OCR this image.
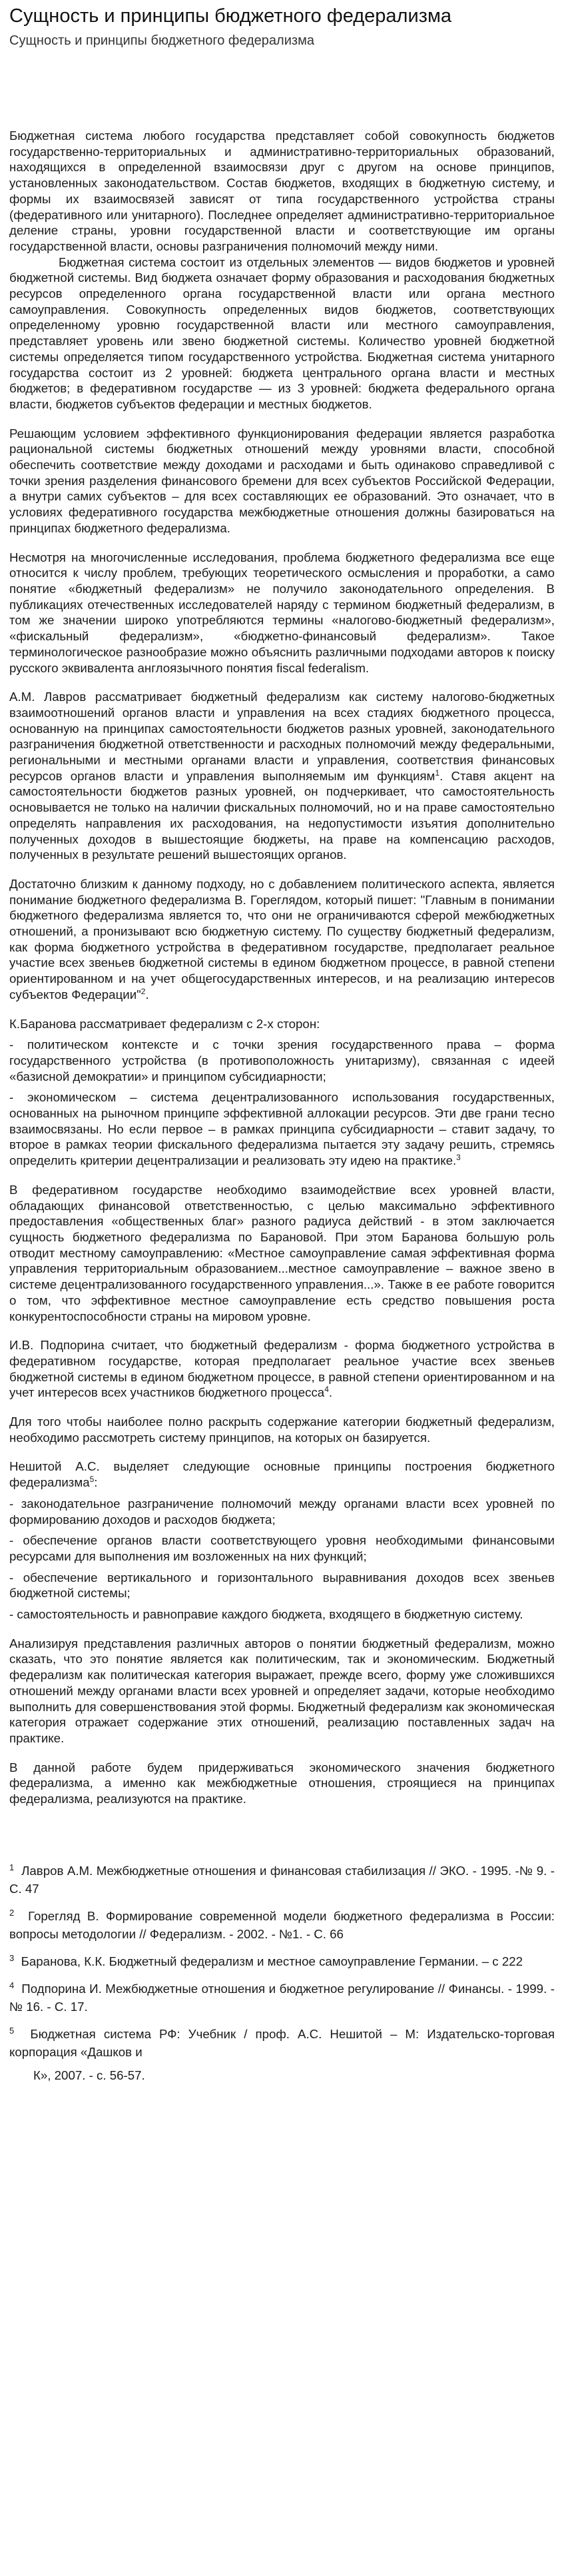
Сущность и принципы бюджетного федерализма
Сущность и принципы бюджетного федерализма

Бюджетная система любого государства представляет собой совокупность бюджетов государственно-территориальных и административно-территориальных образований, находящихся в определенной взаимосвязи друг с другом на основе принципов, установленных законодательством. Состав бюджетов, входящих в бюджетную систему, и формы их взаимосвязей зависят от типа государственного устройства страны (федеративного или унитарного). Последнее определяет административно-территориальное деление страны, уровни государственной власти и соответствующие им органы государственной власти, основы разграничения полномочий между ними.

Бюджетная система состоит из отдельных элементов — видов бюджетов и уровней бюджетной системы. Вид бюджета означает форму образования и расходования бюджетных ресурсов определенного органа государственной власти или органа местного самоуправления. Совокупность определенных видов бюджетов, соответствующих определенному уровню государственной власти или местного самоуправления, представляет уровень или звено бюджетной системы. Количество уровней бюджетной системы определяется типом государственного устройства. Бюджетная система унитарного государства состоит из 2 уровней: бюджета центрального органа власти и местных бюджетов; в федеративном государстве — из 3 уровней: бюджета федерального органа власти, бюджетов субъектов федерации и местных бюджетов.

Решающим условием эффективного функционирования федерации является разработка рациональной системы бюджетных отношений между уровнями власти, способной обеспечить соответствие между доходами и расходами и быть одинаково справедливой с точки зрения разделения финансового бремени для всех субъектов Российской Федерации, а внутри самих субъектов – для всех составляющих ее образований. Это означает, что в условиях федеративного государства межбюджетные отношения должны базироваться на принципах бюджетного федерализма.

Несмотря на многочисленные исследования, проблема бюджетного федерализма все еще относится к числу проблем, требующих теоретического осмысления и проработки, а само понятие «бюджетный федерализм» не получило законодательного определения. В публикациях отечественных исследователей наряду с термином бюджетный федерализм, в том же значении широко употребляются термины «налогово-бюджетный федерализм», «фискальный федерализм», «бюджетно-финансовый федерализм». Такое терминологическое разнообразие можно объяснить различными подходами авторов к поиску русского эквивалента англоязычного понятия fiscal federalism.

А.М. Лавров рассматривает бюджетный федерализм как систему налогово-бюджетных взаимоотношений органов власти и управления на всех стадиях бюджетного процесса, основанную на принципах самостоятельности бюджетов разных уровней, законодательного разграничения бюджетной ответственности и расходных полномочий между федеральными, региональными и местными органами власти и управления, соответствия финансовых ресурсов органов власти и управления выполняемым им функциям$^1$. Ставя акцент на самостоятельности бюджетов разных уровней, он подчеркивает, что самостоятельность основывается не только на наличии фискальных полномочий, но и на праве самостоятельно определять направления их расходования, на недопустимости изъятия дополнительно полученных доходов в вышестоящие бюджеты, на праве на компенсацию расходов, полученных в результате решений вышестоящих органов.

Достаточно близким к данному подходу, но с добавлением политического аспекта, является понимание бюджетного федерализма В. Гореглядом, который пишет: "Главным в понимании бюджетного федерализма является то, что они не ограничиваются сферой межбюджетных отношений, а пронизывают всю бюджетную систему. По существу бюджетный федерализм, как форма бюджетного устройства в федеративном государстве, предполагает реальное участие всех звеньев бюджетной системы в едином бюджетном процессе, в равной степени ориентированном и на учет общегосударственных интересов, и на реализацию интересов субъектов Федерации"$^2$.

К.Баранова рассматривает федерализм с 2-х сторон:

- политическом контексте и с точки зрения государственного права – форма государственного устройства (в противоположность унитаризму), связанная с идеей «базисной демократии» и принципом субсидиарности;

- экономическом – система децентрализованного использования государственных, основанных на рыночном принципе эффективной аллокации ресурсов. Эти две грани тесно взаимосвязаны. Но если первое – в рамках принципа субсидиарности – ставит задачу, то второе в рамках теории фискального федерализма пытается эту задачу решить, стремясь определить критерии децентрализации и реализовать эту идею на практике.$^3$

В федеративном государстве необходимо взаимодействие всех уровней власти, обладающих финансовой ответственностью, с целью максимально эффективного предоставления «общественных благ» разного радиуса действий - в этом заключается сущность бюджетного федерализма по Барановой. При этом Баранова большую роль отводит местному самоуправлению: «Местное самоуправление самая эффективная форма управления территориальным образованием...местное самоуправление – важное звено в системе децентрализованного государственного управления...». Также в ее работе говорится о том, что эффективное местное самоуправление есть средство повышения роста конкурентоспособности страны на мировом уровне.

И.В. Подпорина считает, что бюджетный федерализм - форма бюджетного устройства в федеративном государстве, которая предполагает реальное участие всех звеньев бюджетной системы в едином бюджетном процессе, в равной степени ориентированном и на учет интересов всех участников бюджетного процесса$^4$.

Для того чтобы наиболее полно раскрыть содержание категории бюджетный федерализм, необходимо рассмотреть систему принципов, на которых он базируется.

Нешитой А.С. выделяет следующие основные принципы построения бюджетного федерализма$^5$:

- законодательное разграничение полномочий между органами власти всех уровней по формированию доходов и расходов бюджета;

- обеспечение органов власти соответствующего уровня необходимыми финансовыми ресурсами для выполнения им возложенных на них функций;

- обеспечение вертикального и горизонтального выравнивания доходов всех звеньев бюджетной системы;

- самостоятельность и равноправие каждого бюджета, входящего в бюджетную систему.

Анализируя представления различных авторов о понятии бюджетный федерализм, можно сказать, что это понятие является как политическим, так и экономическим. Бюджетный федерализм как политическая категория выражает, прежде всего, форму уже сложившихся отношений между органами власти всех уровней и определяет задачи, которые необходимо выполнить для совершенствования этой формы. Бюджетный федерализм как экономическая категория отражает содержание этих отношений, реализацию поставленных задач на практике.

В данной работе будем придерживаться экономического значения бюджетного федерализма, а именно как межбюджетные отношения, строящиеся на принципах федерализма, реализуются на практике.

$^1$ Лавров А.М. Межбюджетные отношения и финансовая стабилизация // ЭКО. - 1995. -№ 9. - С. 47

$^2$ Горегляд В. Формирование современной модели бюджетного федерализма в России: вопросы методологии // Федерализм. - 2002. - №1. - С. 66

$^3$ Баранова, К.К. Бюджетный федерализм и местное самоуправление Германии. – с 222

$^4$ Подпорина И. Межбюджетные отношения и бюджетное регулирование // Финансы. - 1999. - № 16. - С. 17.

$^5$ Бюджетная система РФ: Учебник / проф. А.С. Нешитой – М: Издательско-торговая корпорация «Дашков и

К», 2007. - с. 56-57.
